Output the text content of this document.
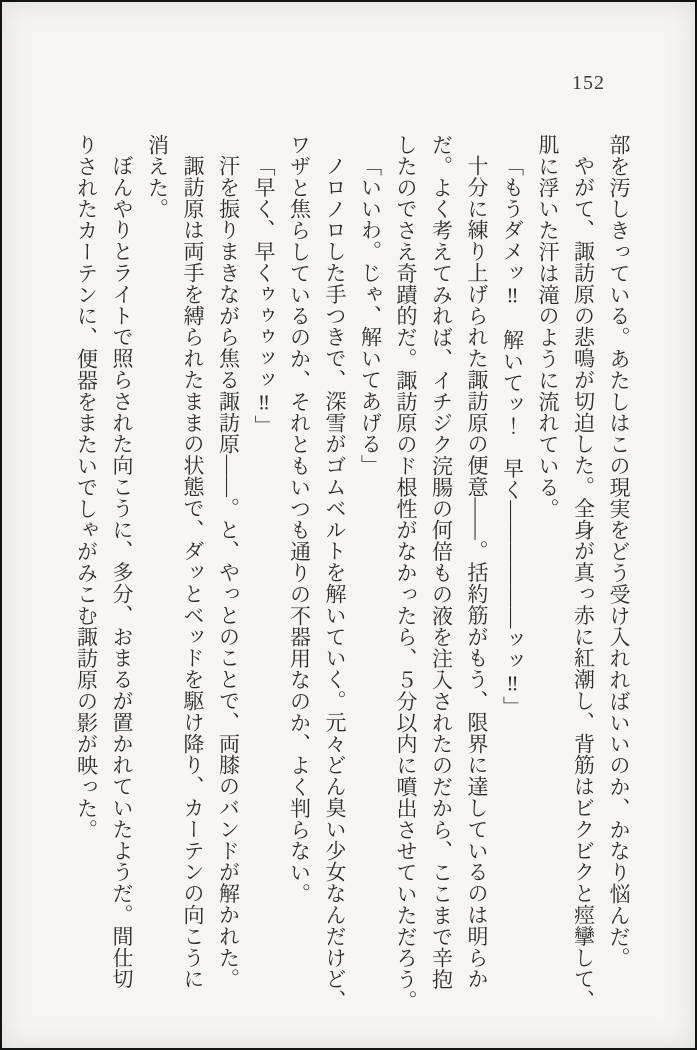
152

部を汚しきっている。あたしはこの現実をどう受け入れればいいのか、かなり悩んだ。

やがて、諏訪原の悲鳴が切迫した。全身が真っ赤に紅潮し、背筋はビクビクと痙攣して、

肌に浮いた汗は滝のように流れている。

「もうダメッ‼　解いてッ！　早く——————ッッ‼」

十分に練り上げられた諏訪原の便意——。括約筋がもう、限界に達しているのは明らか

だ。よく考えてみれば、イチジク浣腸の何倍もの液を注入されたのだから、ここまで辛抱

したのでさえ奇蹟的だ。諏訪原のド根性がなかったら、５分以内に噴出させていただろう。

「いいわ。じゃ、解いてあげる」

ノロノロした手つきで、深雪がゴムベルトを解いていく。元々どん臭い少女なんだけど、

ワザと焦らしているのか、それともいつも通りの不器用なのか、よく判らない。

「早く、早くゥゥゥッッ‼」

汗を振りまきながら焦る諏訪原——。と、やっとのことで、両膝のバンドが解かれた。

諏訪原は両手を縛られたままの状態で、ダッとベッドを駆け降り、カーテンの向こうに

消えた。

ぼんやりとライトで照らされた向こうに、多分、おまるが置かれていたようだ。間仕切

りされたカーテンに、便器をまたいでしゃがみこむ諏訪原の影が映った。
